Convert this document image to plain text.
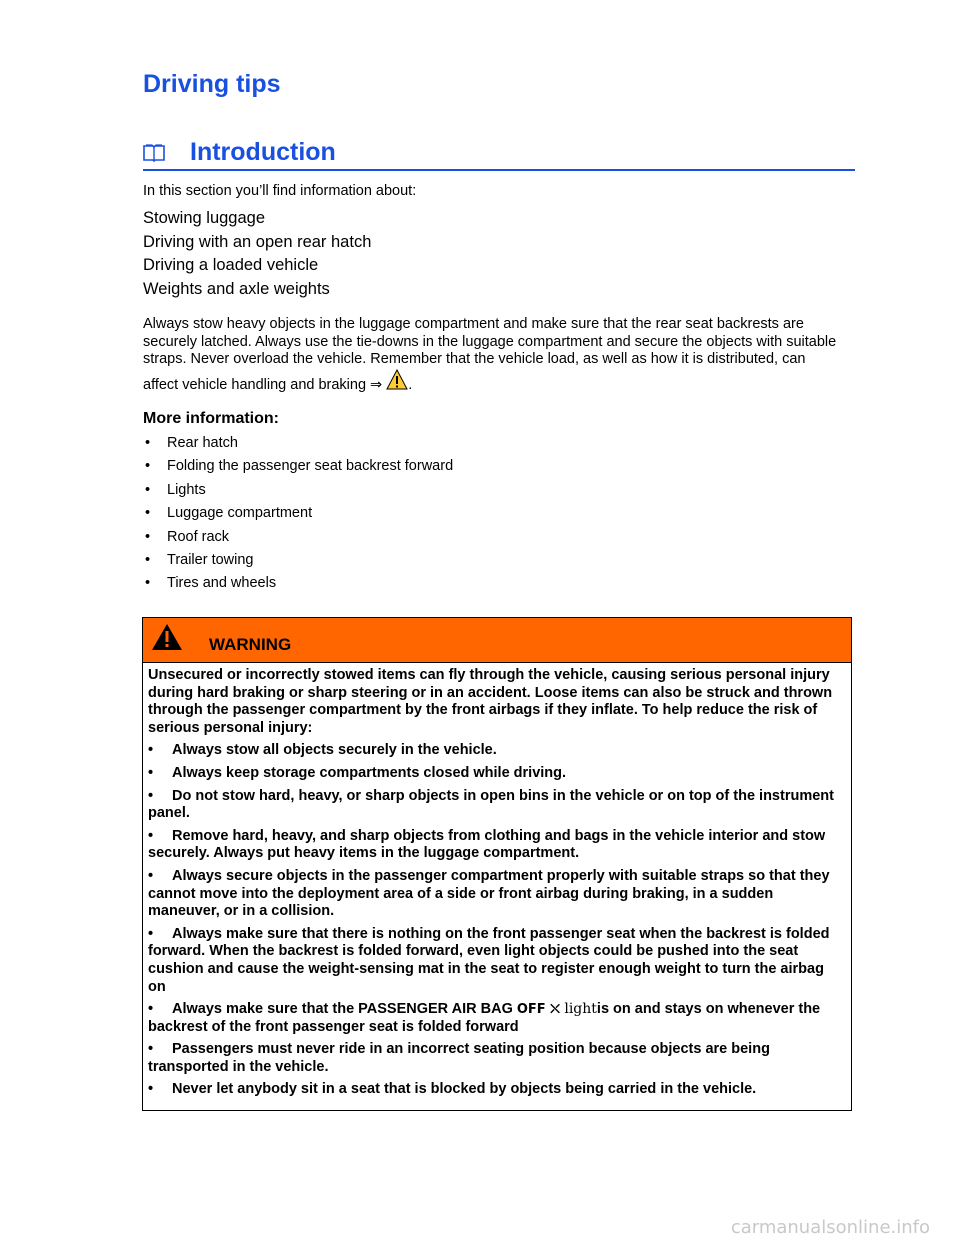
Driving tips
Introduction
In this section you’ll find information about:
Stowing luggage
Driving with an open rear hatch
Driving a loaded vehicle
Weights and axle weights

Always stow heavy objects in the luggage compartment and make sure that the rear seat backrests are securely latched. Always use the tie-downs in the luggage compartment and secure the objects with suitable straps. Never overload the vehicle. Remember that the vehicle load, as well as how it is distributed, can affect vehicle handling and braking ⇒ .

More information:
• Rear hatch
• Folding the passenger seat backrest forward
• Lights
• Luggage compartment
• Roof rack
• Trailer towing
• Tires and wheels
WARNING

Unsecured or incorrectly stowed items can fly through the vehicle, causing serious personal injury during hard braking or sharp steering or in an accident. Loose items can also be struck and thrown through the passenger compartment by the front airbags if they inflate. To help reduce the risk of serious personal injury:

• Always stow all objects securely in the vehicle.

• Always keep storage compartments closed while driving.

• Do not stow hard, heavy, or sharp objects in open bins in the vehicle or on top of the instrument panel.

• Remove hard, heavy, and sharp objects from clothing and bags in the vehicle interior and stow securely. Always put heavy items in the luggage compartment.

• Always secure objects in the passenger compartment properly with suitable straps so that they cannot move into the deployment area of a side or front airbag during braking, in a sudden maneuver, or in a collision.

• Always make sure that there is nothing on the front passenger seat when the backrest is folded forward. When the backrest is folded forward, even light objects could be pushed into the seat cushion and cause the weight-sensing mat in the seat to register enough weight to turn the airbag on

• Always make sure that the PASSENGER AIR BAG OFF ⛌ lightis on and stays on whenever the backrest of the front passenger seat is folded forward

• Passengers must never ride in an incorrect seating position because objects are being transported in the vehicle.

• Never let anybody sit in a seat that is blocked by objects being carried in the vehicle.

carmanualsonline.info
